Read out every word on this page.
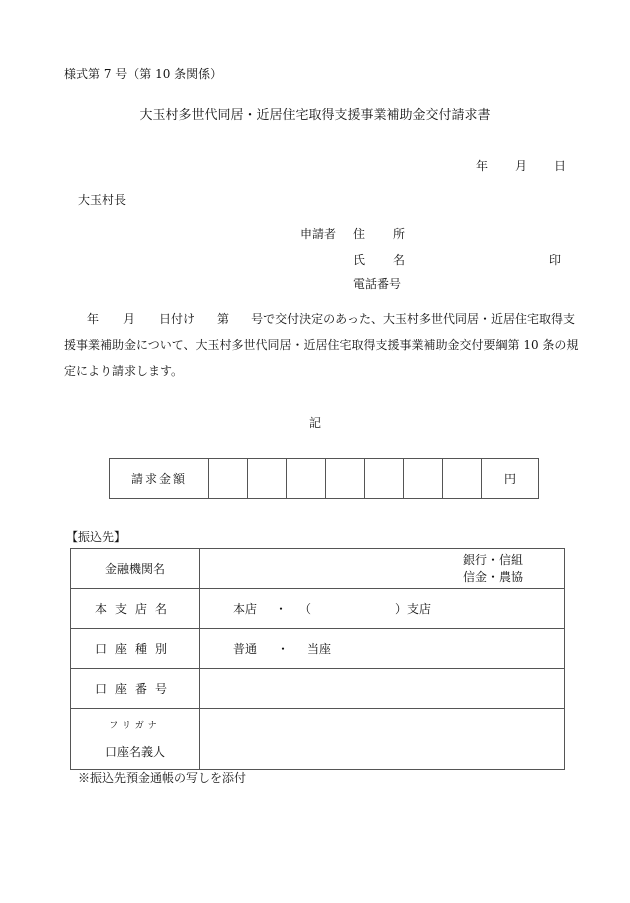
様式第 7 号（第 10 条関係）
大玉村多世代同居・近居住宅取得支援事業補助金交付請求書
年 月 日
大玉村長
申請者 住 所
氏 名	印
電話番号
年 月 日付け 第 号で交付決定のあった、大玉村多世代同居・近居住宅取得支援事業補助金について、大玉村多世代同居・近居住宅取得支援事業補助金交付要綱第 10 条の規定により請求します。
記
請求金額								円
【振込先】
金融機関名	銀行・信組
信金・農協

本支店名	本店 ・ （ ）支店
口座種別	普通 ・ 当座
口座番号	

フリガナ
口座名義人	

※振込先預金通帳の写しを添付
